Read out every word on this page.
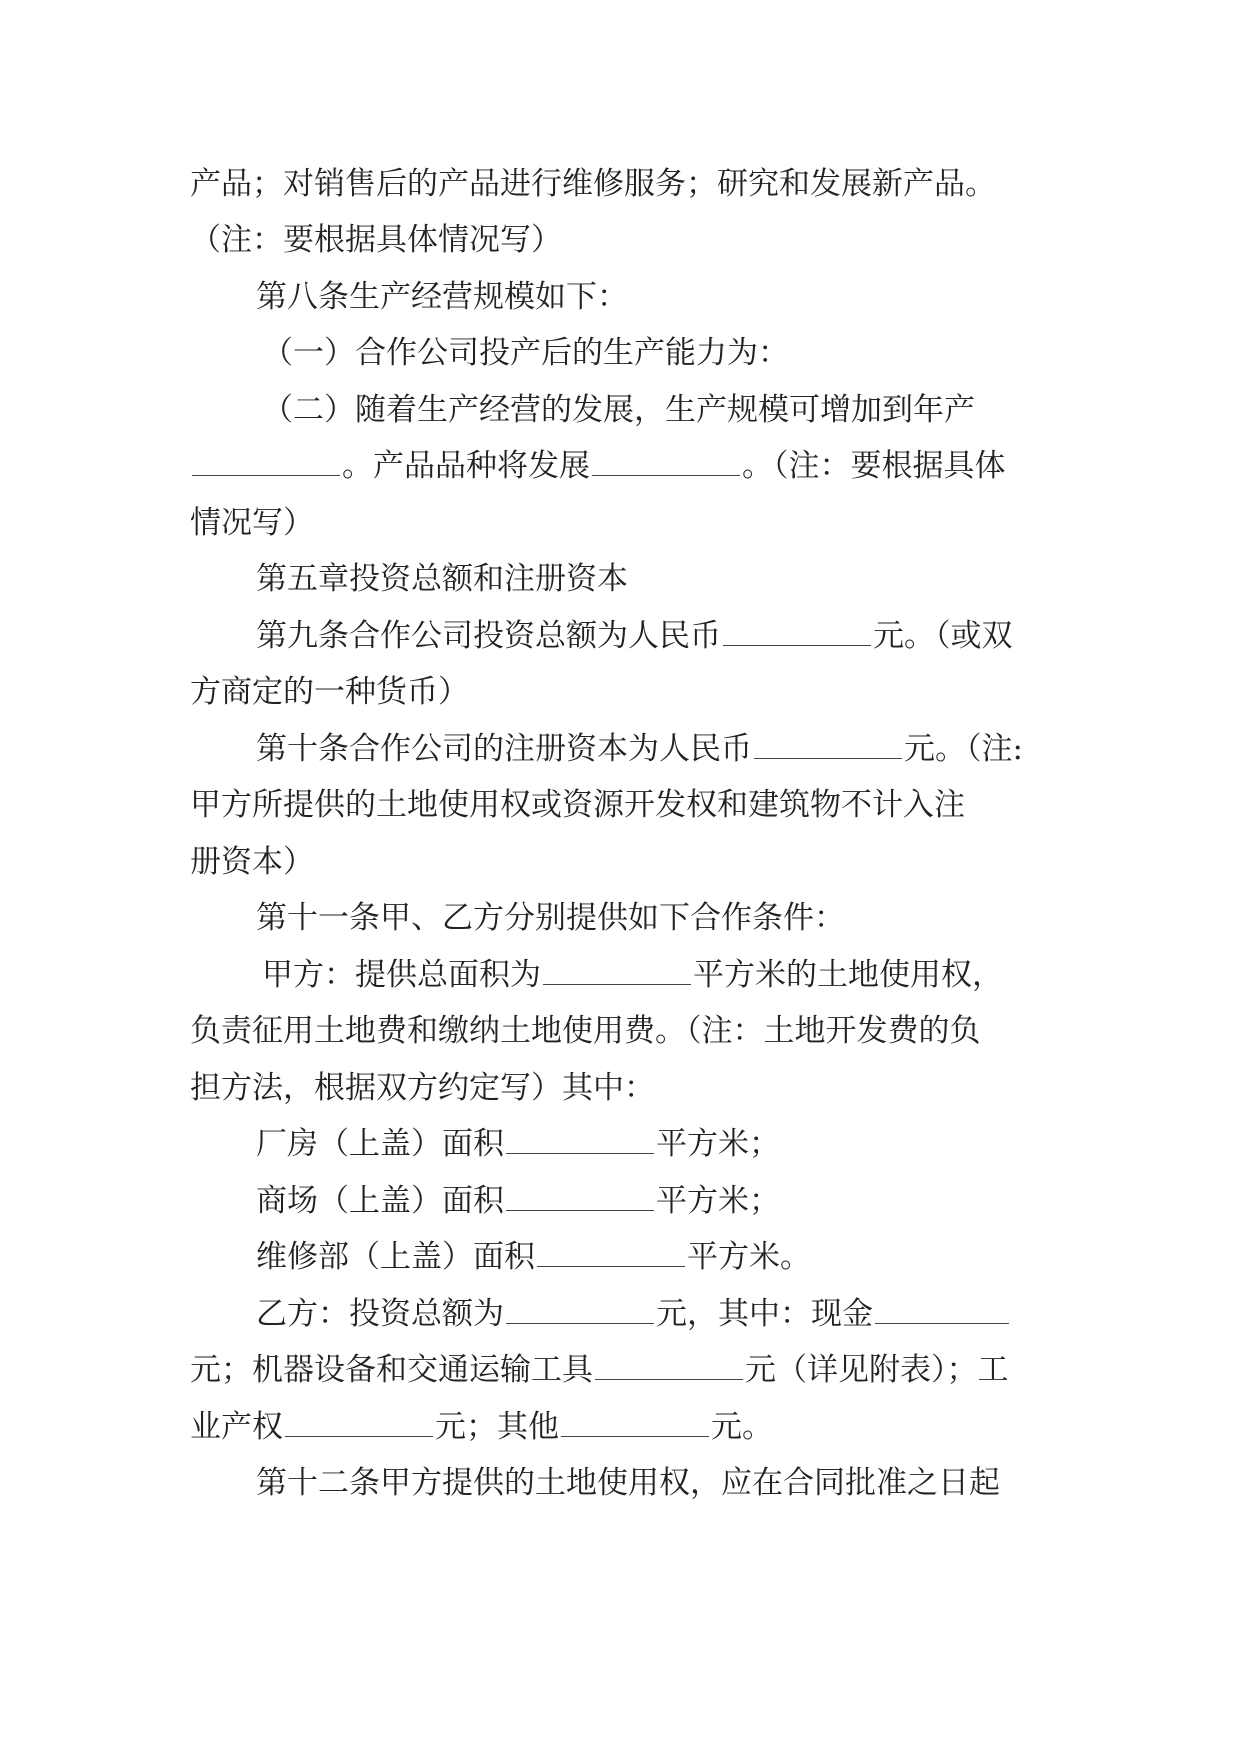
产品；对销售后的产品进行维修服务；研究和发展新产品。
（注：要根据具体情况写）
第八条生产经营规模如下：
（一）合作公司投产后的生产能力为：
（二）随着生产经营的发展，生产规模可增加到年产
。产品品种将发展	。（注：要根据具体
情况写）
第五章投资总额和注册资本
第九条合作公司投资总额为人民币	元。（或双
方商定的一种货币）
第十条合作公司的注册资本为人民币	元。（注:
甲方所提供的土地使用权或资源开发权和建筑物不计入注
册资本）
第十一条甲、乙方分别提供如下合作条件：
甲方：提供总面积为	平方米的土地使用权，
负责征用土地费和缴纳土地使用费。（注：土地开发费的负
担方法，根据双方约定写）其中：
厂房（上盖）面积	平方米；
商场（上盖）面积	平方米；
维修部（上盖）面积	平方米。
乙方：投资总额为	元，其中：现金
元；机器设备和交通运输工具	元（详见附表）；工
业产权	元；其他	元。
第十二条甲方提供的土地使用权，应在合同批准之日起
